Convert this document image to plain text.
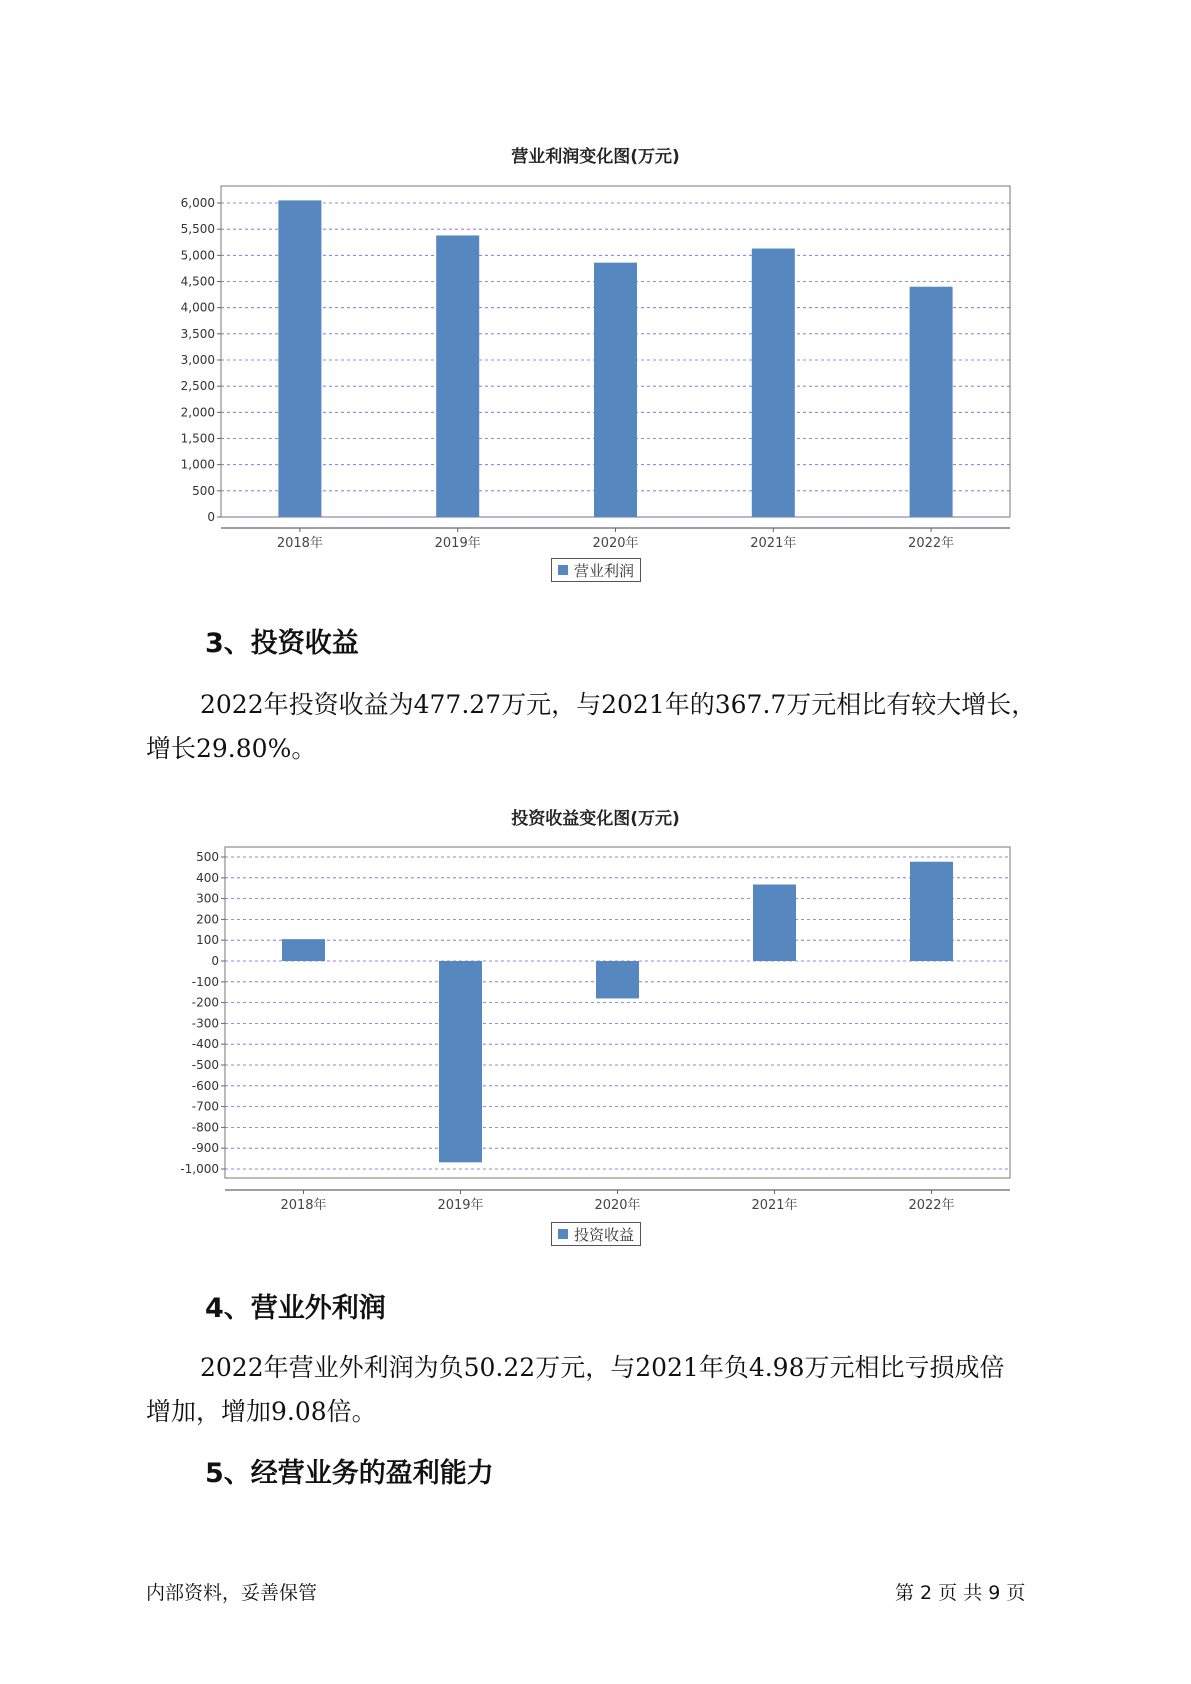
营业利润变化图(万元)
0
500
1,000
1,500
2,000
2,500
3,000
3,500
4,000
4,500
5,000
5,500
6,000
2018年	2019年	2020年	2021年	2022年
营业利润
3、投资收益
2022年投资收益为477.27万元，与2021年的367.7万元相比有较大增长，
增长29.80%。
投资收益变化图(万元)
500
400
300
200
100
0
-100
-200
-300
-400
-500
-600
-700
-800
-900
-1,000
2018年	2019年	2020年	2021年	2022年
投资收益
4、营业外利润
2022年营业外利润为负50.22万元，与2021年负4.98万元相比亏损成倍
增加，增加9.08倍。
5、经营业务的盈利能力
内部资料，妥善保管	第 2 页 共 9 页
